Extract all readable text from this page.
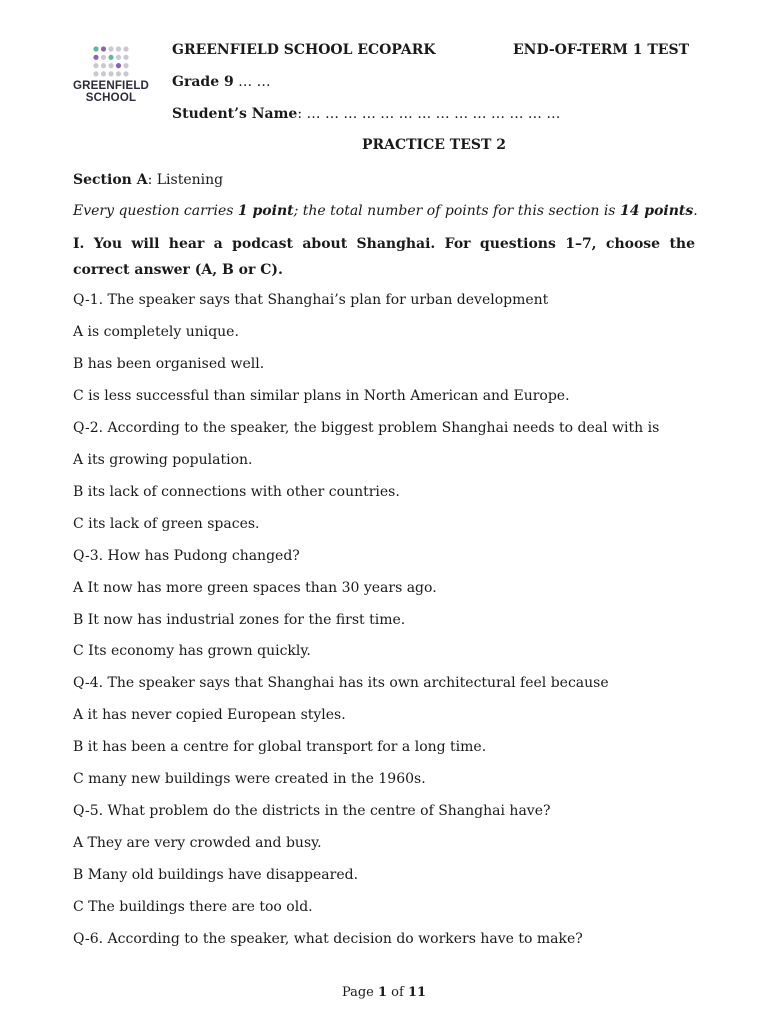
GREENFIELD
SCHOOL
GREENFIELD SCHOOL ECOPARK	END-OF-TERM 1 TEST
Grade 9 … …
Student’s Name: … … … … … … … … … … … … … …
PRACTICE TEST 2
Section A: Listening
Every question carries 1 point; the total number of points for this section is 14 points.
I. You will hear a podcast about Shanghai. For questions 1–7, choose the correct answer (A, B or C).
Q-1. The speaker says that Shanghai’s plan for urban development
A is completely unique.
B has been organised well.
C is less successful than similar plans in North American and Europe.
Q-2. According to the speaker, the biggest problem Shanghai needs to deal with is
A its growing population.
B its lack of connections with other countries.
C its lack of green spaces.
Q-3. How has Pudong changed?
A It now has more green spaces than 30 years ago.
B It now has industrial zones for the first time.
C Its economy has grown quickly.
Q-4. The speaker says that Shanghai has its own architectural feel because
A it has never copied European styles.
B it has been a centre for global transport for a long time.
C many new buildings were created in the 1960s.
Q-5. What problem do the districts in the centre of Shanghai have?
A They are very crowded and busy.
B Many old buildings have disappeared.
C The buildings there are too old.
Q-6. According to the speaker, what decision do workers have to make?
Page 1 of 11
